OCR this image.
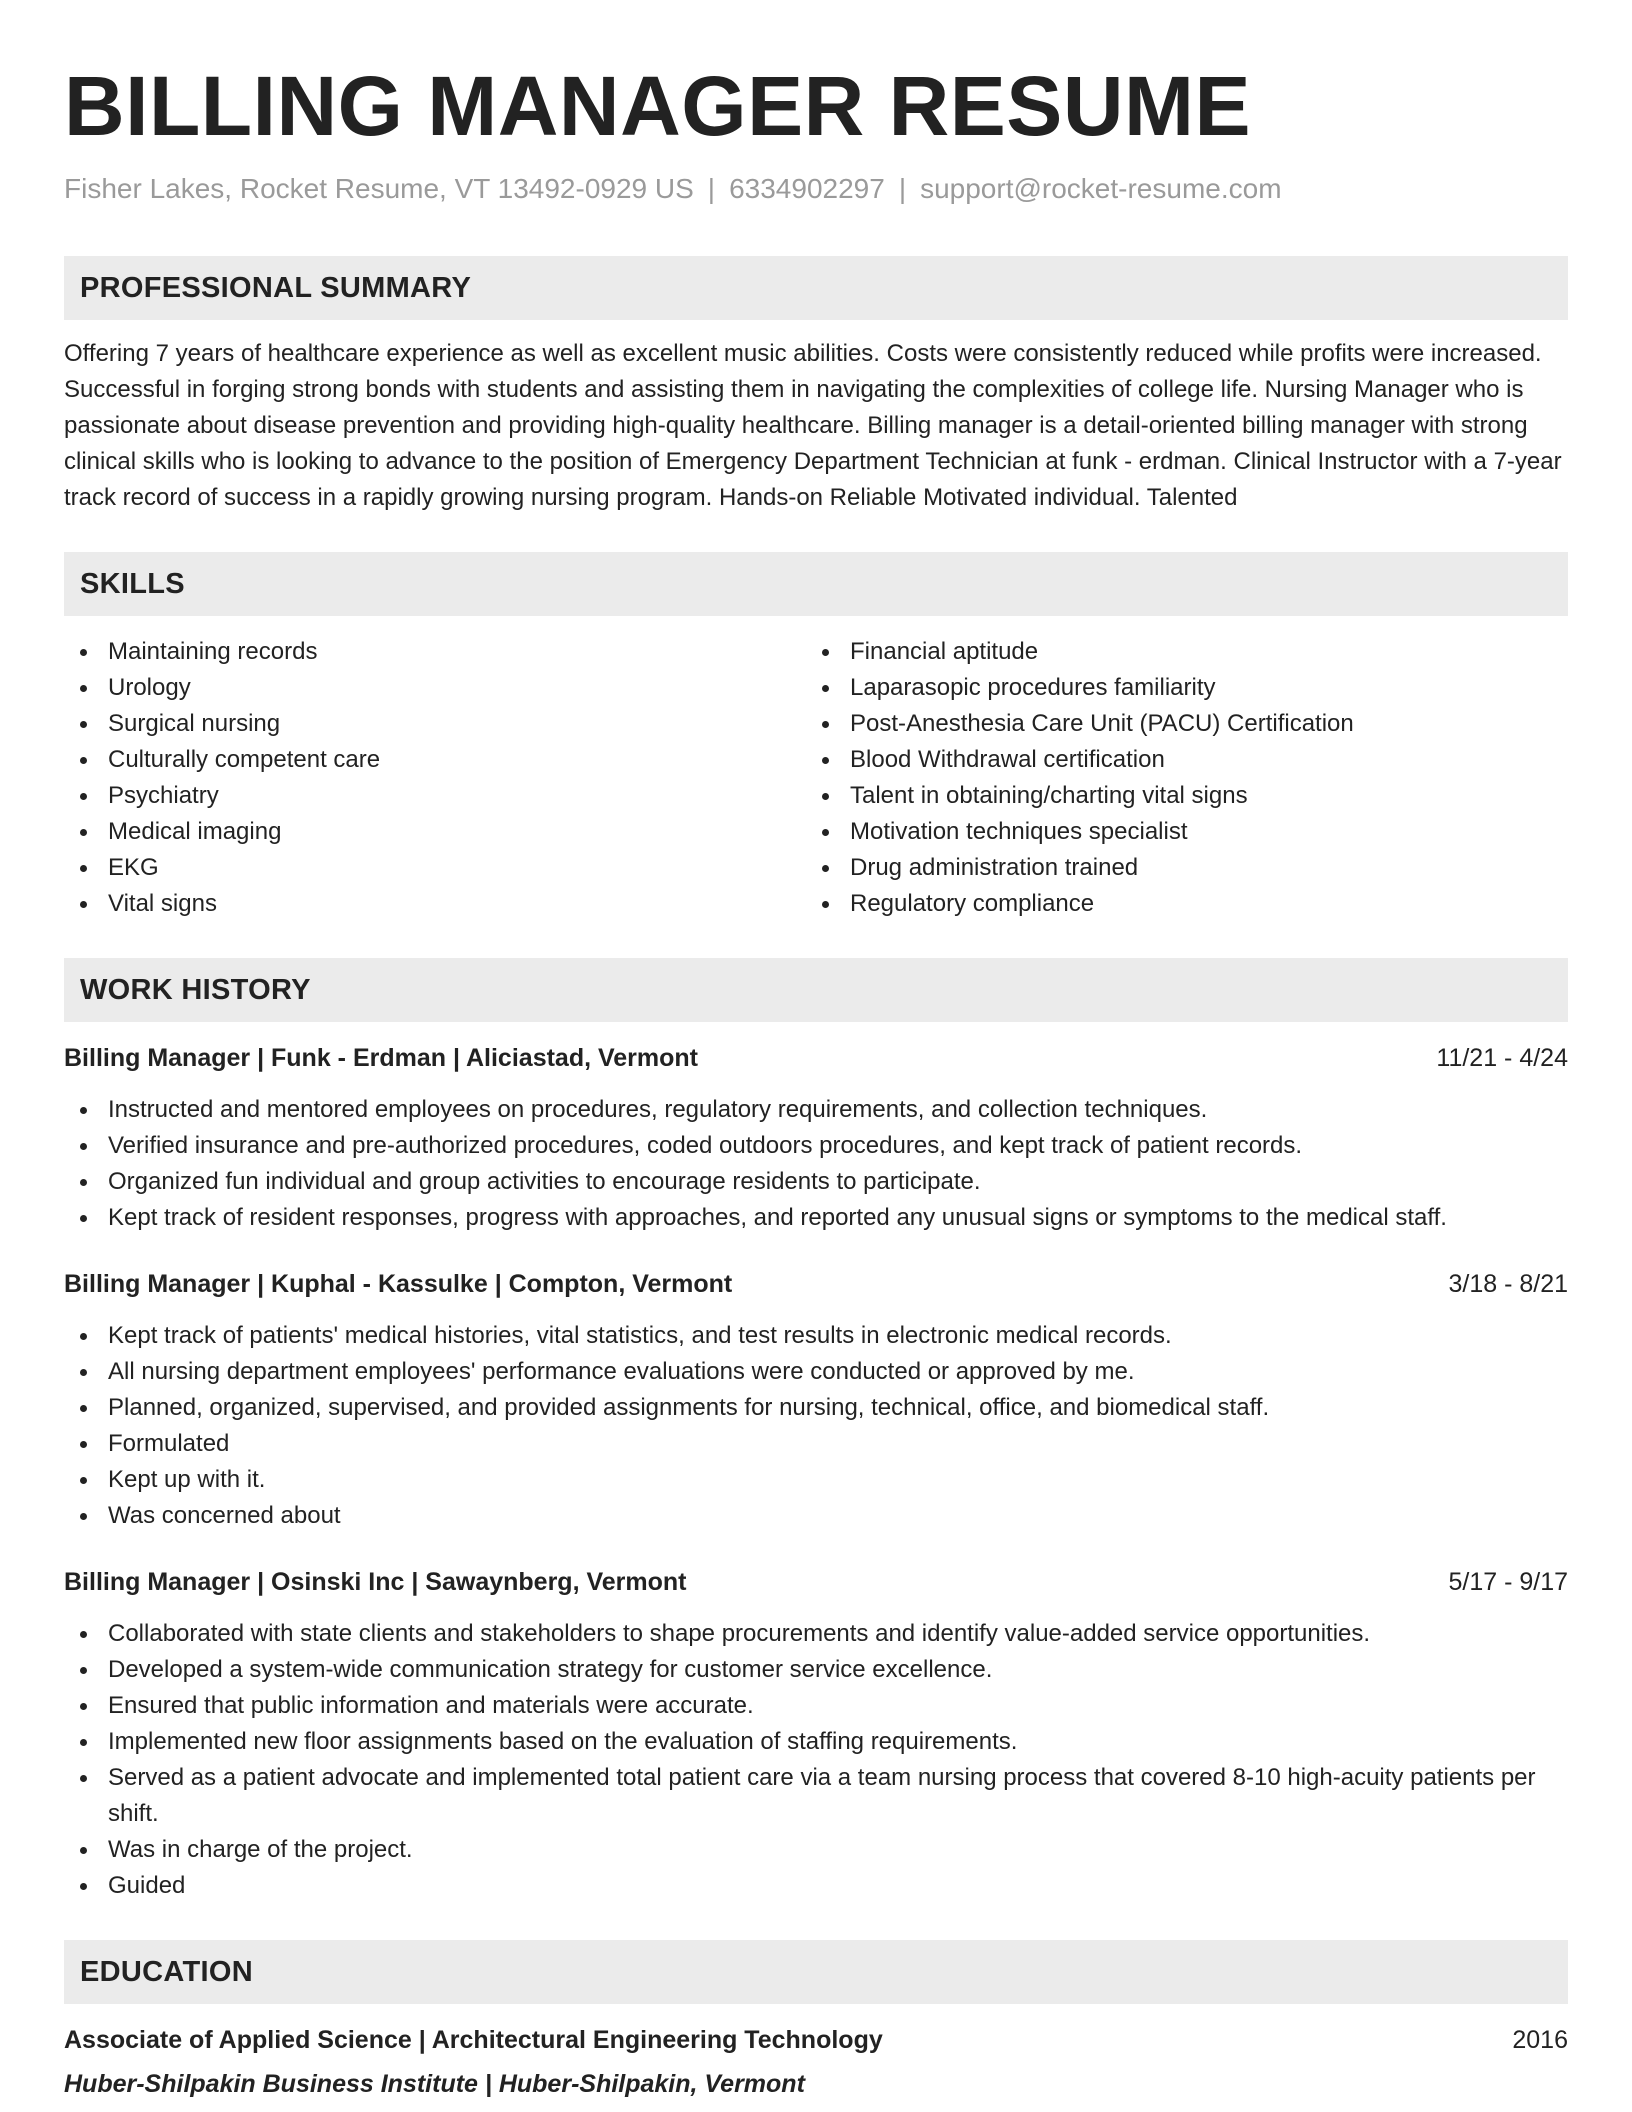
BILLING MANAGER RESUME
Fisher Lakes, Rocket Resume, VT 13492-0929 US | 6334902297 | support@rocket-resume.com
PROFESSIONAL SUMMARY

Offering 7 years of healthcare experience as well as excellent music abilities. Costs were consistently reduced while profits were increased. Successful in forging strong bonds with students and assisting them in navigating the complexities of college life. Nursing Manager who is passionate about disease prevention and providing high-quality healthcare. Billing manager is a detail-oriented billing manager with strong clinical skills who is looking to advance to the position of Emergency Department Technician at funk - erdman. Clinical Instructor with a 7-year track record of success in a rapidly growing nursing program. Hands-on Reliable Motivated individual. Talented

SKILLS
Maintaining records
Urology
Surgical nursing
Culturally competent care
Psychiatry
Medical imaging
EKG
Vital signs
Financial aptitude
Laparasopic procedures familiarity
Post-Anesthesia Care Unit (PACU) Certification
Blood Withdrawal certification
Talent in obtaining/charting vital signs
Motivation techniques specialist
Drug administration trained
Regulatory compliance
WORK HISTORY
Billing Manager | Funk - Erdman | Aliciastad, Vermont	11/21 - 4/24
Instructed and mentored employees on procedures, regulatory requirements, and collection techniques.
Verified insurance and pre-authorized procedures, coded outdoors procedures, and kept track of patient records.
Organized fun individual and group activities to encourage residents to participate.
Kept track of resident responses, progress with approaches, and reported any unusual signs or symptoms to the medical staff.
Billing Manager | Kuphal - Kassulke | Compton, Vermont	3/18 - 8/21
Kept track of patients' medical histories, vital statistics, and test results in electronic medical records.
All nursing department employees' performance evaluations were conducted or approved by me.
Planned, organized, supervised, and provided assignments for nursing, technical, office, and biomedical staff.
Formulated
Kept up with it.
Was concerned about
Billing Manager | Osinski Inc | Sawaynberg, Vermont	5/17 - 9/17
Collaborated with state clients and stakeholders to shape procurements and identify value-added service opportunities.
Developed a system-wide communication strategy for customer service excellence.
Ensured that public information and materials were accurate.
Implemented new floor assignments based on the evaluation of staffing requirements.
Served as a patient advocate and implemented total patient care via a team nursing process that covered 8-10 high-acuity patients per shift.
Was in charge of the project.
Guided
EDUCATION
Associate of Applied Science | Architectural Engineering Technology	2016
Huber-Shilpakin Business Institute | Huber-Shilpakin, Vermont
